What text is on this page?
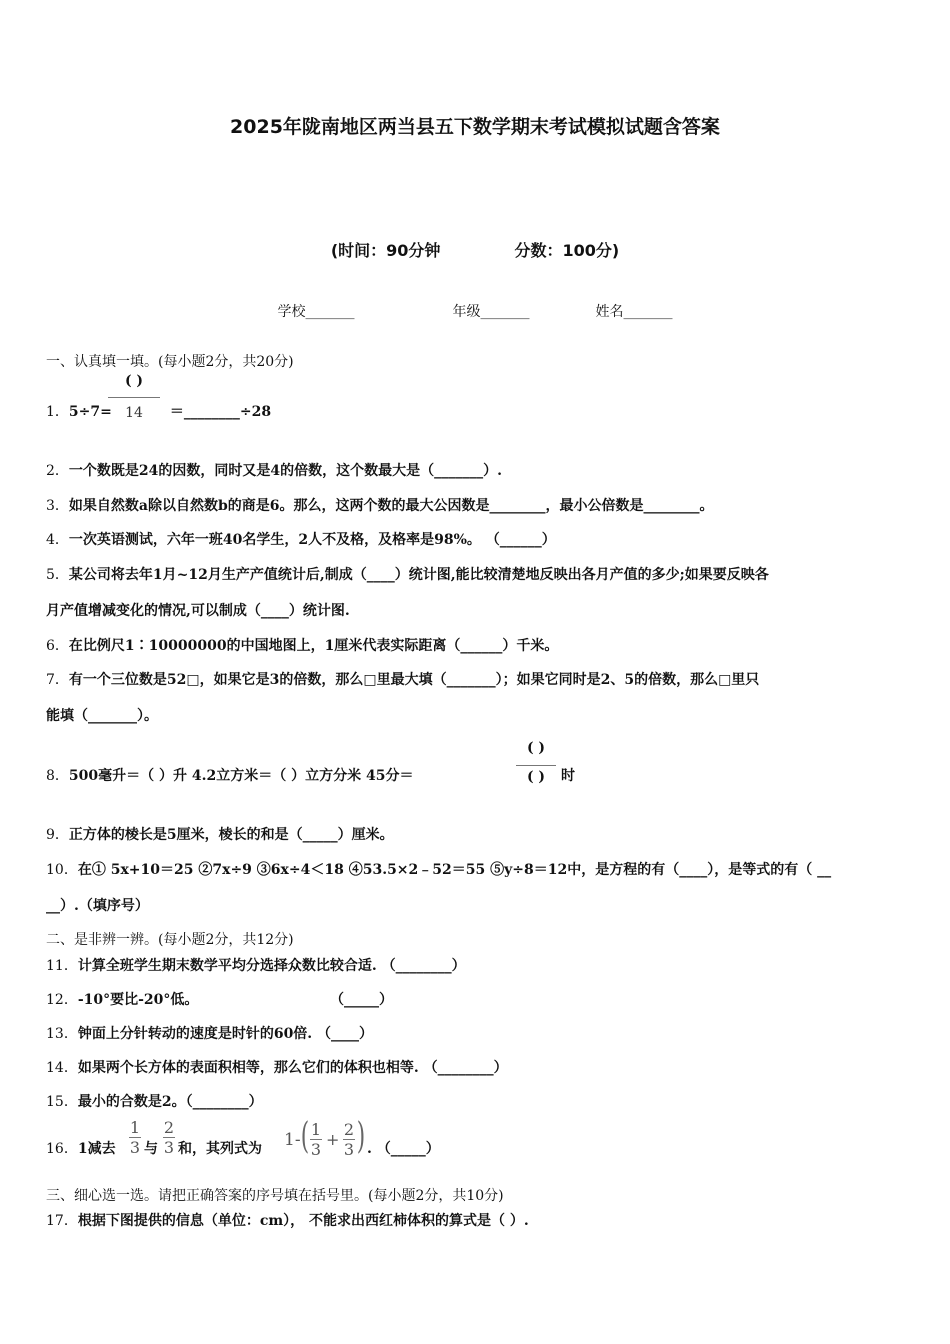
2025年陇南地区两当县五下数学期末考试模拟试题含答案
(时间：90分钟	分数：100分)
学校_______	年级_______	姓名_______
一、认真填一填。(每小题2分，共20分)
1．5÷7=	＝________÷28
( )
14
2．一个数既是24的因数，同时又是4的倍数，这个数最大是（_______）.
3．如果自然数a除以自然数b的商是6。那么，这两个数的最大公因数是________，最小公倍数是________。
4．一次英语测试，六年一班40名学生，2人不及格，及格率是98%。 （______）
5．某公司将去年1月~12月生产产值统计后,制成（____）统计图,能比较清楚地反映出各月产值的多少;如果要反映各
月产值增减变化的情况,可以制成（____）统计图.
6．在比例尺1∶10000000的中国地图上，1厘米代表实际距离（______）千米。
7．有一个三位数是52□，如果它是3的倍数，那么□里最大填（_______）；如果它同时是2、5的倍数，那么□里只
能填（_______）。
8．500毫升＝（ ）升 4.2立方米＝（ ）立方分米 45分＝
( )
( )	时
9．正方体的棱长是5厘米，棱长的和是（_____）厘米。
10．在① 5x+10＝25 ②7x÷9 ③6x÷4＜18 ④53.5×2﹣52＝55 ⑤y÷8＝12中，是方程的有（____），是等式的有（ __
__）.（填序号）
二、是非辨一辨。(每小题2分，共12分)
11．计算全班学生期末数学平均分选择众数比较合适. （________）
12．-10°要比-20°低。	（_____）
13．钟面上分针转动的速度是时针的60倍. （____）
14．如果两个长方体的表面积相等，那么它们的体积也相等. （________）
15．最小的合数是2。（________）
16．1减去
1
3 与
2
3 和，其列式为 1- ( 1
3
+
2
3 ) . （_____）
三、细心选一选。请把正确答案的序号填在括号里。(每小题2分，共10分)
17．根据下图提供的信息（单位：cm）， 不能求出西红柿体积的算式是（ ）.
